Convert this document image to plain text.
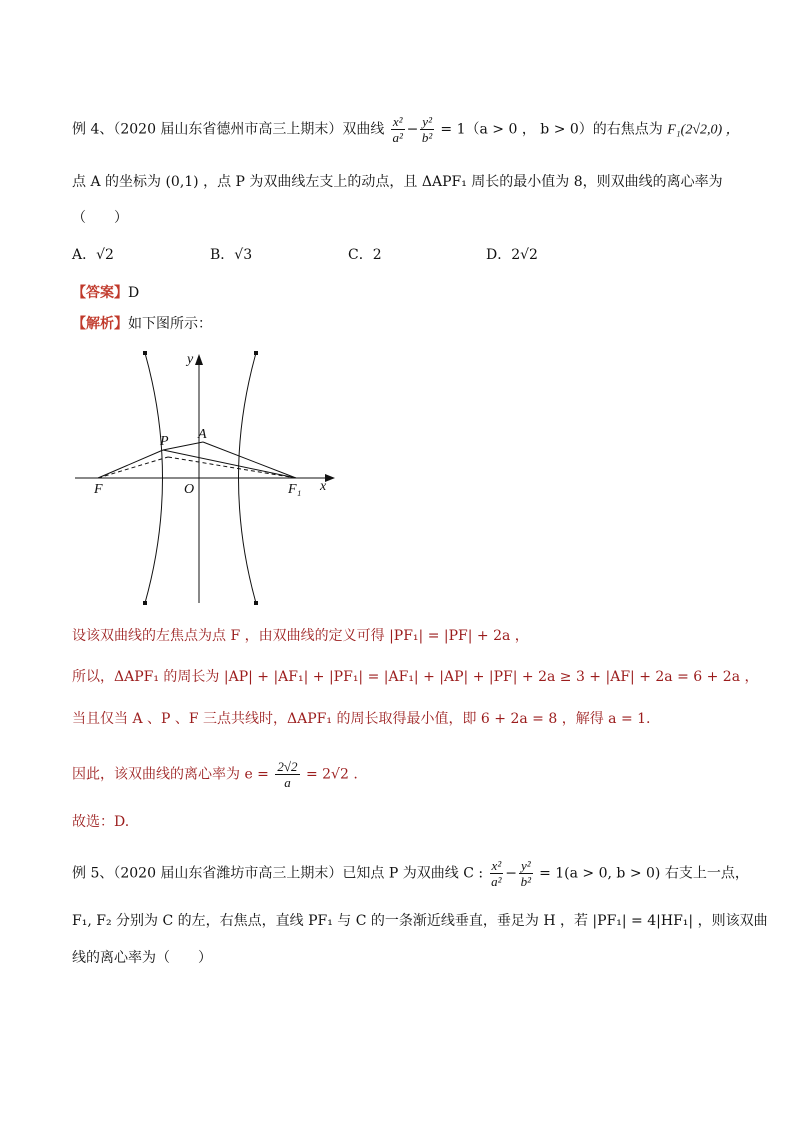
例 4、（2020 届山东省德州市高三上期末）双曲线 $\frac{\text{x²}}{\text{a²}} - \frac{\text{y²}}{\text{b²}} = 1(a > 0$ ， b > 0）的右焦点为 F₁(2√2,0) ，
点 A 的坐标为 (0,1) ，点 P 为双曲线左支上的动点，且 ΔAPF₁ 周长的最小值为 8，则双曲线的离心率为
（　　）
A．√2	B．√3	C．2	D．2√2
【答案】D
【解析】如下图所示：
y
P A
F	O	F₁ x
设该双曲线的左焦点为点 F ，由双曲线的定义可得 |PF₁| = |PF| + 2a ，
所以，ΔAPF₁ 的周长为 |AP| + |AF₁| + |PF₁| = |AF₁| + |AP| + |PF| + 2a ≥ 3 + |AF| + 2a = 6 + 2a ，
当且仅当 A 、P 、F 三点共线时，ΔAPF₁ 的周长取得最小值，即 6 + 2a = 8 ，解得 a = 1.
因此，该双曲线的离心率为 $e = \frac{2√2}{a} = 2√2$ .
故选：D.
例 5、（2020 届山东省潍坊市高三上期末）已知点 P 为双曲线 C : $\frac{\text{x²}}{\text{a²}} - \frac{\text{y²}}{\text{b²}} = 1(a > 0$, b > 0) 右支上一点，
F₁, F₂ 分别为 C 的左，右焦点，直线 PF₁ 与 C 的一条渐近线垂直，垂足为 H ，若 |PF₁| = 4|HF₁| ，则该双曲
线的离心率为（　　）
